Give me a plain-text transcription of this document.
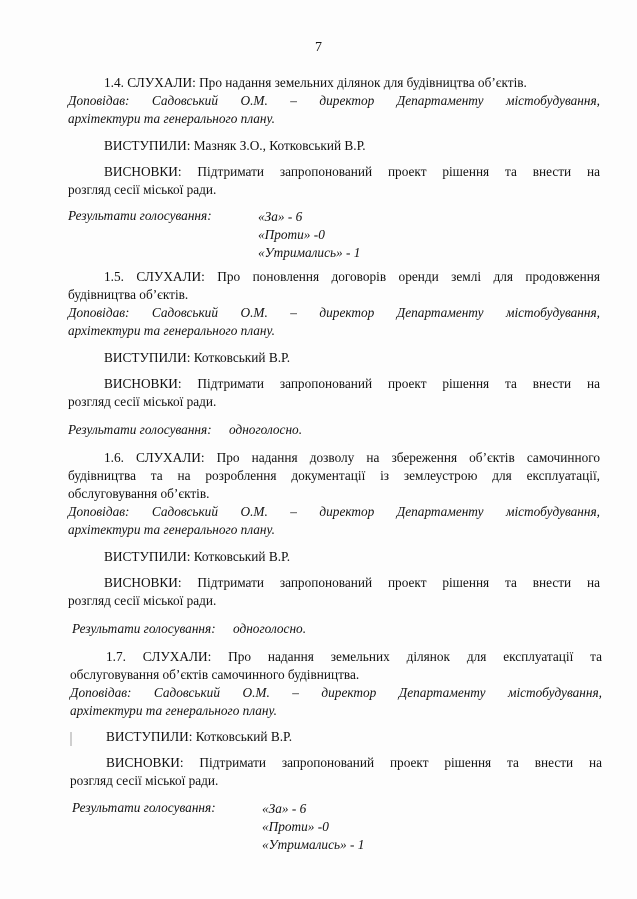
7
1.4. СЛУХАЛИ: Про надання земельних ділянок для будівництва об’єктів.
Доповідав: Садовський О.М. – директор Департаменту містобудування,
архітектури та генерального плану.
ВИСТУПИЛИ: Мазняк З.О., Котковський В.Р.
ВИСНОВКИ: Підтримати запропонований проект рішення та внести на
розгляд сесії міської ради.
Результати голосування:	«За» - 6
«Проти» -0
«Утримались» - 1
1.5. СЛУХАЛИ: Про поновлення договорів оренди землі для продовження
будівництва об’єктів.
Доповідав: Садовський О.М. – директор Департаменту містобудування,
архітектури та генерального плану.
ВИСТУПИЛИ: Котковський В.Р.
ВИСНОВКИ: Підтримати запропонований проект рішення та внести на
розгляд сесії міської ради.
Результати голосування: одноголосно.
1.6. СЛУХАЛИ: Про надання дозволу на збереження об’єктів самочинного
будівництва та на розроблення документації із землеустрою для експлуатації,
обслуговування об’єктів.
Доповідав: Садовський О.М. – директор Департаменту містобудування,
архітектури та генерального плану.
ВИСТУПИЛИ: Котковський В.Р.
ВИСНОВКИ: Підтримати запропонований проект рішення та внести на
розгляд сесії міської ради.
Результати голосування: одноголосно.
1.7. СЛУХАЛИ: Про надання земельних ділянок для експлуатації та
обслуговування об’єктів самочинного будівництва.
Доповідав: Садовський О.М. – директор Департаменту містобудування,
архітектури та генерального плану.
ВИСТУПИЛИ: Котковський В.Р.
ВИСНОВКИ: Підтримати запропонований проект рішення та внести на
розгляд сесії міської ради.
Результати голосування:	«За» - 6
«Проти» -0
«Утримались» - 1
